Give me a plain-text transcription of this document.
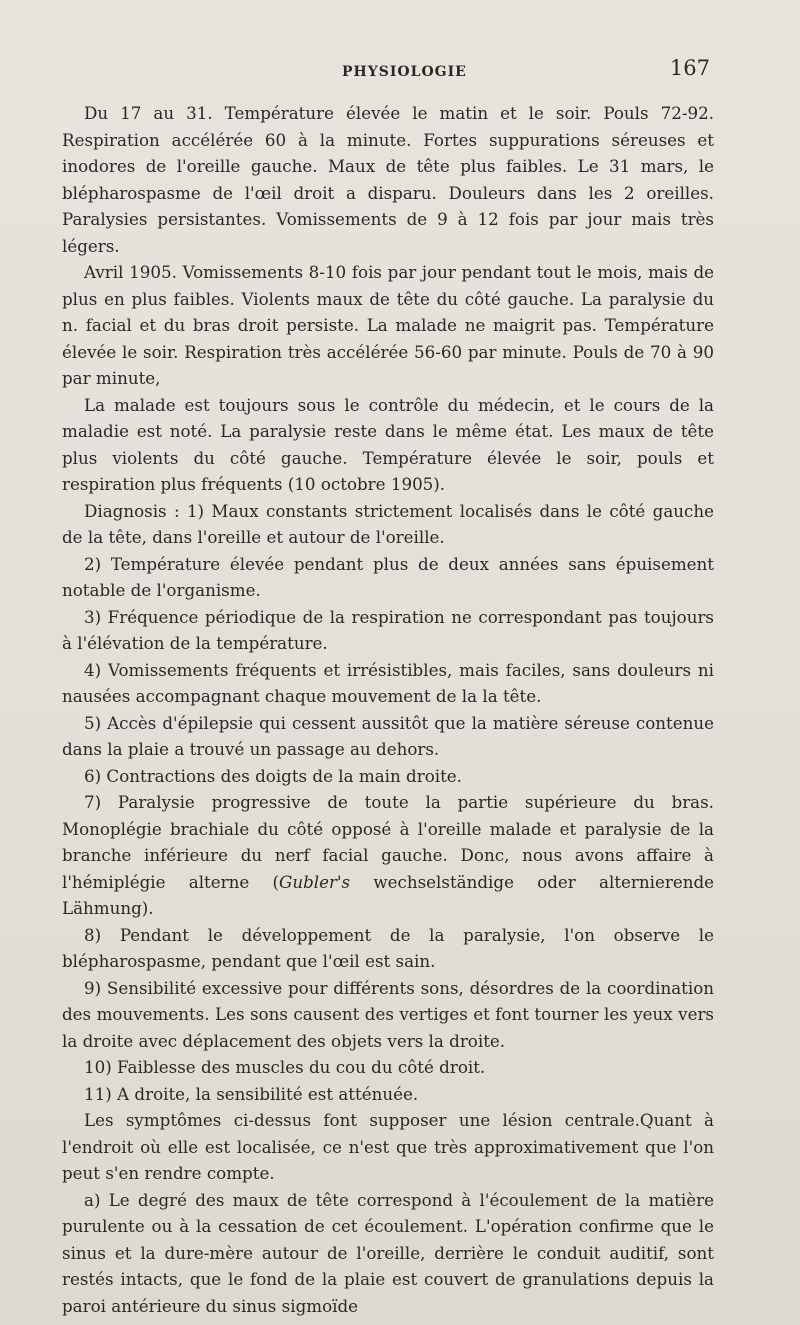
PHYSIOLOGIE	167

Du 17 au 31. Température élevée le matin et le soir. Pouls 72-92. Respiration accélérée 60 à la minute. Fortes suppurations séreuses et inodores de l'oreille gauche. Maux de tête plus faibles. Le 31 mars, le blépharospasme de l'œil droit a disparu. Douleurs dans les 2 oreilles. Paralysies persistantes. Vomissements de 9 à 12 fois par jour mais très légers.

Avril 1905. Vomissements 8-10 fois par jour pendant tout le mois, mais de plus en plus faibles. Violents maux de tête du côté gauche. La paralysie du n. facial et du bras droit persiste. La malade ne maigrit pas. Température élevée le soir. Respiration très accélérée 56-60 par minute. Pouls de 70 à 90 par minute,

La malade est toujours sous le contrôle du médecin, et le cours de la maladie est noté. La paralysie reste dans le même état. Les maux de tête plus violents du côté gauche. Température élevée le soir, pouls et respiration plus fréquents (10 octobre 1905).

Diagnosis : 1) Maux constants strictement localisés dans le côté gauche de la tête, dans l'oreille et autour de l'oreille.

2) Température élevée pendant plus de deux années sans épuisement notable de l'organisme.

3) Fréquence périodique de la respiration ne correspondant pas toujours à l'élévation de la température.

4) Vomissements fréquents et irrésistibles, mais faciles, sans douleurs ni nausées accompagnant chaque mouvement de la la tête.

5) Accès d'épilepsie qui cessent aussitôt que la matière séreuse contenue dans la plaie a trouvé un passage au dehors.

6) Contractions des doigts de la main droite.

7) Paralysie progressive de toute la partie supérieure du bras. Monoplégie brachiale du côté opposé à l'oreille malade et paralysie de la branche inférieure du nerf facial gauche. Donc, nous avons affaire à l'hémiplégie alterne (Gubler's wechselständige oder alternierende Lähmung).

8) Pendant le développement de la paralysie, l'on observe le blépharospasme, pendant que l'œil est sain.

9) Sensibilité excessive pour différents sons, désordres de la coordination des mouvements. Les sons causent des vertiges et font tourner les yeux vers la droite avec déplacement des objets vers la droite.

10) Faiblesse des muscles du cou du côté droit.

11) A droite, la sensibilité est atténuée.

Les symptômes ci-dessus font supposer une lésion centrale.Quant à l'endroit où elle est localisée, ce n'est que très approximativement que l'on peut s'en rendre compte.

a) Le degré des maux de tête correspond à l'écoulement de la matière purulente ou à la cessation de cet écoulement. L'opération confirme que le sinus et la dure-mère autour de l'oreille, derrière le conduit auditif, sont restés intacts, que le fond de la plaie est couvert de granulations depuis la paroi antérieure du sinus sigmoïde
